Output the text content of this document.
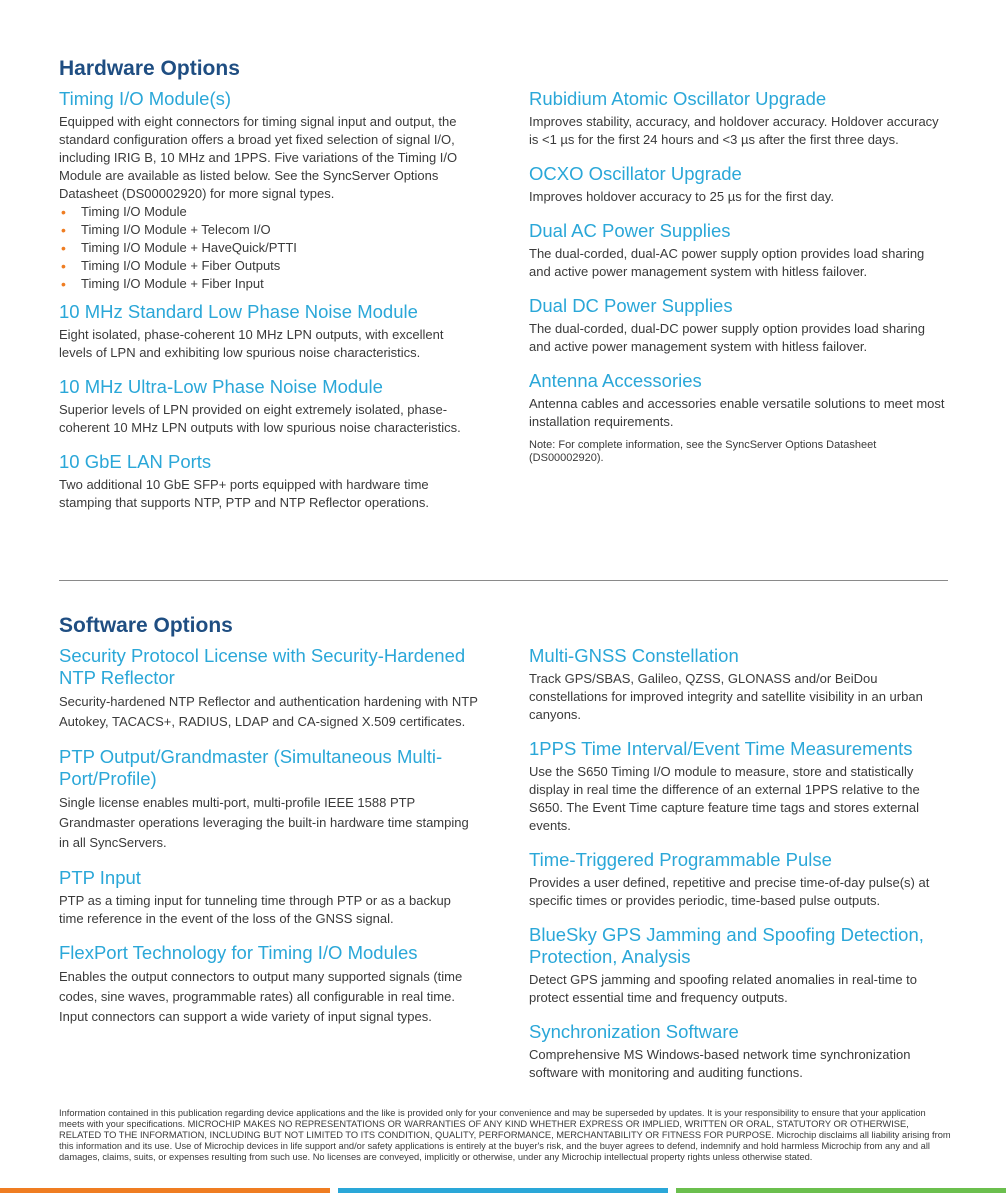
Hardware Options
Timing I/O Module(s)

Equipped with eight connectors for timing signal input and output, the standard configuration offers a broad yet fixed selection of signal I/O, including IRIG B, 10 MHz and 1PPS. Five variations of the Timing I/O Module are available as listed below. See the SyncServer Options Datasheet (DS00002920) for more signal types.

• Timing I/O Module
• Timing I/O Module + Telecom I/O
• Timing I/O Module + HaveQuick/PTTI
• Timing I/O Module + Fiber Outputs
• Timing I/O Module + Fiber Input
10 MHz Standard Low Phase Noise Module

Eight isolated, phase-coherent 10 MHz LPN outputs, with excellent levels of LPN and exhibiting low spurious noise characteristics.

10 MHz Ultra-Low Phase Noise Module

Superior levels of LPN provided on eight extremely isolated, phase-coherent 10 MHz LPN outputs with low spurious noise characteristics.

10 GbE LAN Ports

Two additional 10 GbE SFP+ ports equipped with hardware time stamping that supports NTP, PTP and NTP Reflector operations.

Rubidium Atomic Oscillator Upgrade

Improves stability, accuracy, and holdover accuracy. Holdover accuracy is <1 µs for the first 24 hours and <3 µs after the first three days.

OCXO Oscillator Upgrade

Improves holdover accuracy to 25 µs for the first day.

Dual AC Power Supplies

The dual-corded, dual-AC power supply option provides load sharing and active power management system with hitless failover.

Dual DC Power Supplies

The dual-corded, dual-DC power supply option provides load sharing and active power management system with hitless failover.

Antenna Accessories

Antenna cables and accessories enable versatile solutions to meet most installation requirements.

Note: For complete information, see the SyncServer Options Datasheet (DS00002920).

Software Options
Security Protocol License with Security-Hardened NTP Reflector

Security-hardened NTP Reflector and authentication hardening with NTP Autokey, TACACS+, RADIUS, LDAP and CA-signed X.509 certificates.

PTP Output/Grandmaster (Simultaneous Multi-Port/Profile)

Single license enables multi-port, multi-profile IEEE 1588 PTP Grandmaster operations leveraging the built-in hardware time stamping in all SyncServers.

PTP Input

PTP as a timing input for tunneling time through PTP or as a backup time reference in the event of the loss of the GNSS signal.

FlexPort Technology for Timing I/O Modules

Enables the output connectors to output many supported signals (time codes, sine waves, programmable rates) all configurable in real time. Input connectors can support a wide variety of input signal types.

Multi-GNSS Constellation

Track GPS/SBAS, Galileo, QZSS, GLONASS and/or BeiDou constellations for improved integrity and satellite visibility in an urban canyons.

1PPS Time Interval/Event Time Measurements

Use the S650 Timing I/O module to measure, store and statistically display in real time the difference of an external 1PPS relative to the S650. The Event Time capture feature time tags and stores external events.

Time-Triggered Programmable Pulse

Provides a user defined, repetitive and precise time-of-day pulse(s) at specific times or provides periodic, time-based pulse outputs.

BlueSky GPS Jamming and Spoofing Detection, Protection, Analysis

Detect GPS jamming and spoofing related anomalies in real-time to protect essential time and frequency outputs.

Synchronization Software

Comprehensive MS Windows-based network time synchronization software with monitoring and auditing functions.

Information contained in this publication regarding device applications and the like is provided only for your convenience and may be superseded by updates. It is your responsibility to ensure that your application meets with your specifications. MICROCHIP MAKES NO REPRESENTATIONS OR WARRANTIES OF ANY KIND WHETHER EXPRESS OR IMPLIED, WRITTEN OR ORAL, STATUTORY OR OTHERWISE, RELATED TO THE INFORMATION, INCLUDING BUT NOT LIMITED TO ITS CONDITION, QUALITY, PERFORMANCE, MERCHANTABILITY OR FITNESS FOR PURPOSE. Microchip disclaims all liability arising from this information and its use. Use of Microchip devices in life support and/or safety applications is entirely at the buyer's risk, and the buyer agrees to defend, indemnify and hold harmless Microchip from any and all damages, claims, suits, or expenses resulting from such use. No licenses are conveyed, implicitly or otherwise, under any Microchip intellectual property rights unless otherwise stated.
